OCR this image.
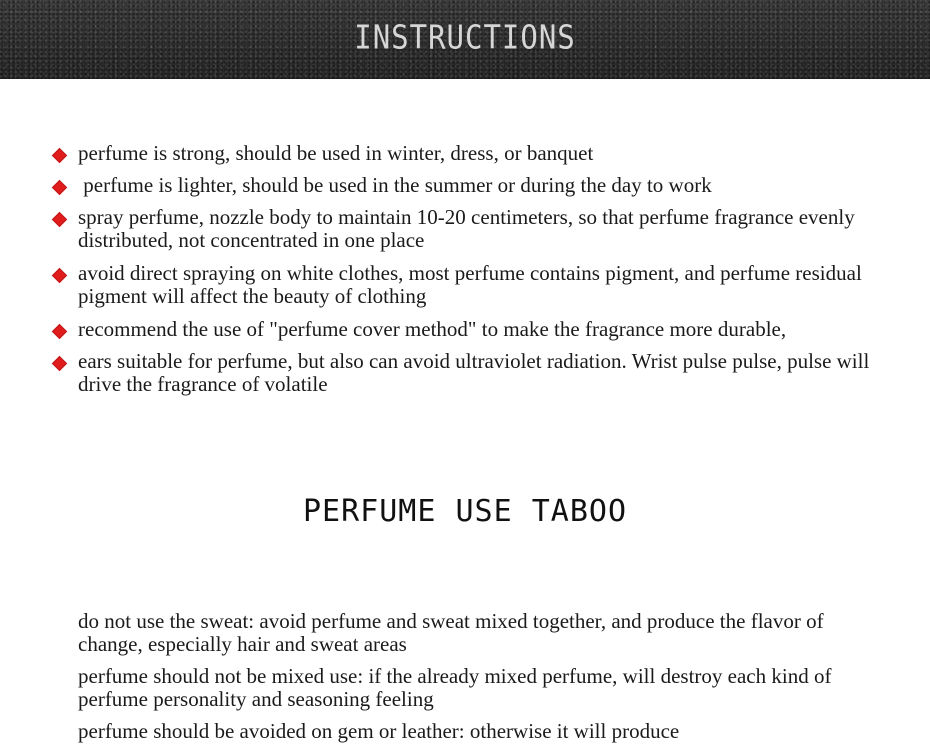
INSTRUCTIONS
perfume is strong, should be used in winter, dress, or banquet
perfume is lighter, should be used in the summer or during the day to work
spray perfume, nozzle body to maintain 10-20 centimeters, so that perfume fragrance evenly distributed, not concentrated in one place
avoid direct spraying on white clothes, most perfume contains pigment, and perfume residual pigment will affect the beauty of clothing
recommend the use of "perfume cover method" to make the fragrance more durable,
ears suitable for perfume, but also can avoid ultraviolet radiation. Wrist pulse pulse, pulse will drive the fragrance of volatile
PERFUME USE TABOO
do not use the sweat: avoid perfume and sweat mixed together, and produce the flavor of change, especially hair and sweat areas
perfume should not be mixed use: if the already mixed perfume, will destroy each kind of perfume personality and seasoning feeling
perfume should be avoided on gem or leather: otherwise it will produce
